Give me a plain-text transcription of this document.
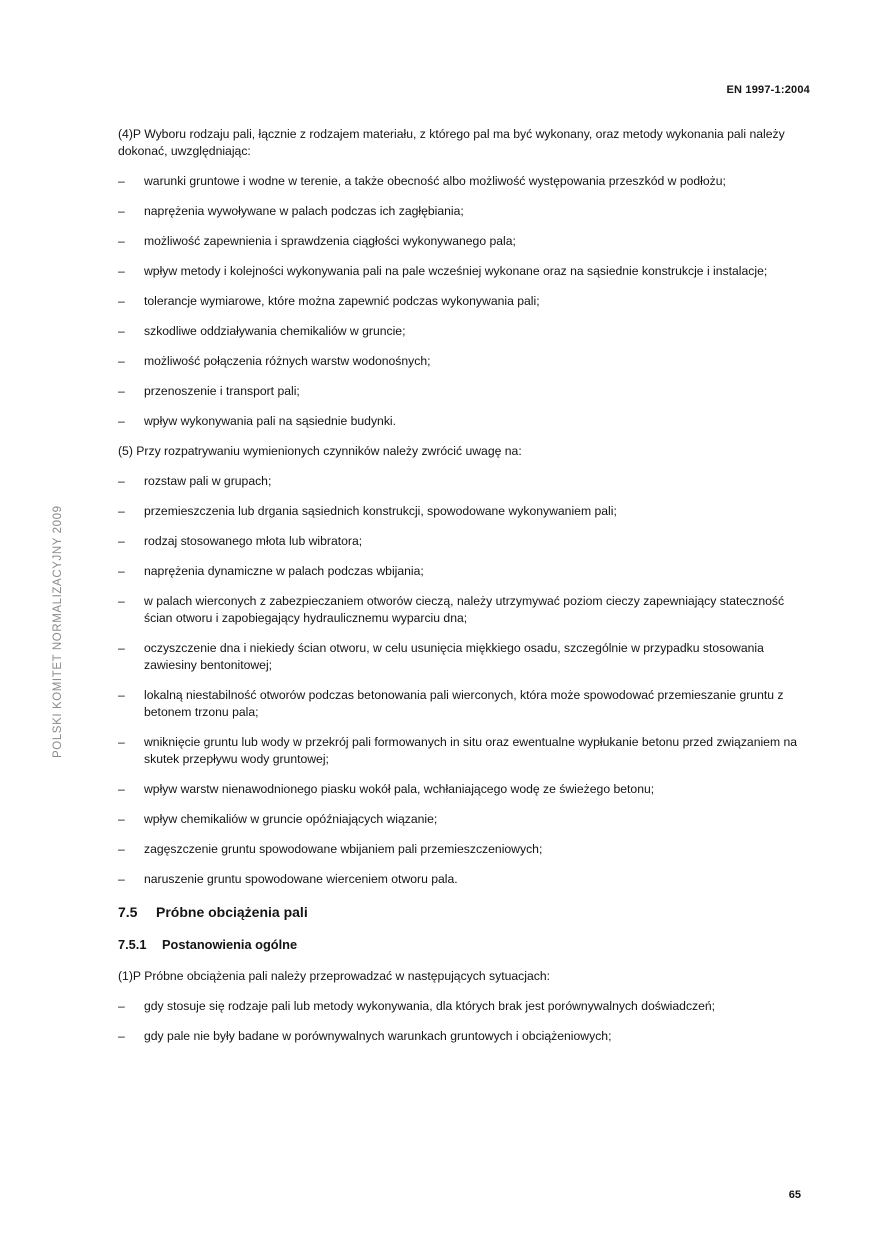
EN 1997-1:2004
POLSKI KOMITET NORMALIZACYJNY 2009

(4)P Wyboru rodzaju pali, łącznie z rodzajem materiału, z którego pal ma być wykonany, oraz metody wykonania pali należy dokonać, uwzględniając:

– warunki gruntowe i wodne w terenie, a także obecność albo możliwość występowania przeszkód w podłożu;
– naprężenia wywoływane w palach podczas ich zagłębiania;
– możliwość zapewnienia i sprawdzenia ciągłości wykonywanego pala;
– wpływ metody i kolejności wykonywania pali na pale wcześniej wykonane oraz na sąsiednie konstrukcje i instalacje;
– tolerancje wymiarowe, które można zapewnić podczas wykonywania pali;
– szkodliwe oddziaływania chemikaliów w gruncie;
– możliwość połączenia różnych warstw wodonośnych;
– przenoszenie i transport pali;
– wpływ wykonywania pali na sąsiednie budynki.

(5) Przy rozpatrywaniu wymienionych czynników należy zwrócić uwagę na:

– rozstaw pali w grupach;
– przemieszczenia lub drgania sąsiednich konstrukcji, spowodowane wykonywaniem pali;
– rodzaj stosowanego młota lub wibratora;
– naprężenia dynamiczne w palach podczas wbijania;
– w palach wierconych z zabezpieczaniem otworów cieczą, należy utrzymywać poziom cieczy zapewniający stateczność ścian otworu i zapobiegający hydraulicznemu wyparciu dna;
– oczyszczenie dna i niekiedy ścian otworu, w celu usunięcia miękkiego osadu, szczególnie w przypadku stosowania zawiesiny bentonitowej;
– lokalną niestabilność otworów podczas betonowania pali wierconych, która może spowodować przemieszanie gruntu z betonem trzonu pala;
– wniknięcie gruntu lub wody w przekrój pali formowanych in situ oraz ewentualne wypłukanie betonu przed związaniem na skutek przepływu wody gruntowej;
– wpływ warstw nienawodnionego piasku wokół pala, wchłaniającego wodę ze świeżego betonu;
– wpływ chemikaliów w gruncie opóźniających wiązanie;
– zagęszczenie gruntu spowodowane wbijaniem pali przemieszczeniowych;
– naruszenie gruntu spowodowane wierceniem otworu pala.
7.5 Próbne obciążenia pali
7.5.1 Postanowienia ogólne

(1)P Próbne obciążenia pali należy przeprowadzać w następujących sytuacjach:

– gdy stosuje się rodzaje pali lub metody wykonywania, dla których brak jest porównywalnych doświadczeń;
– gdy pale nie były badane w porównywalnych warunkach gruntowych i obciążeniowych;
65
